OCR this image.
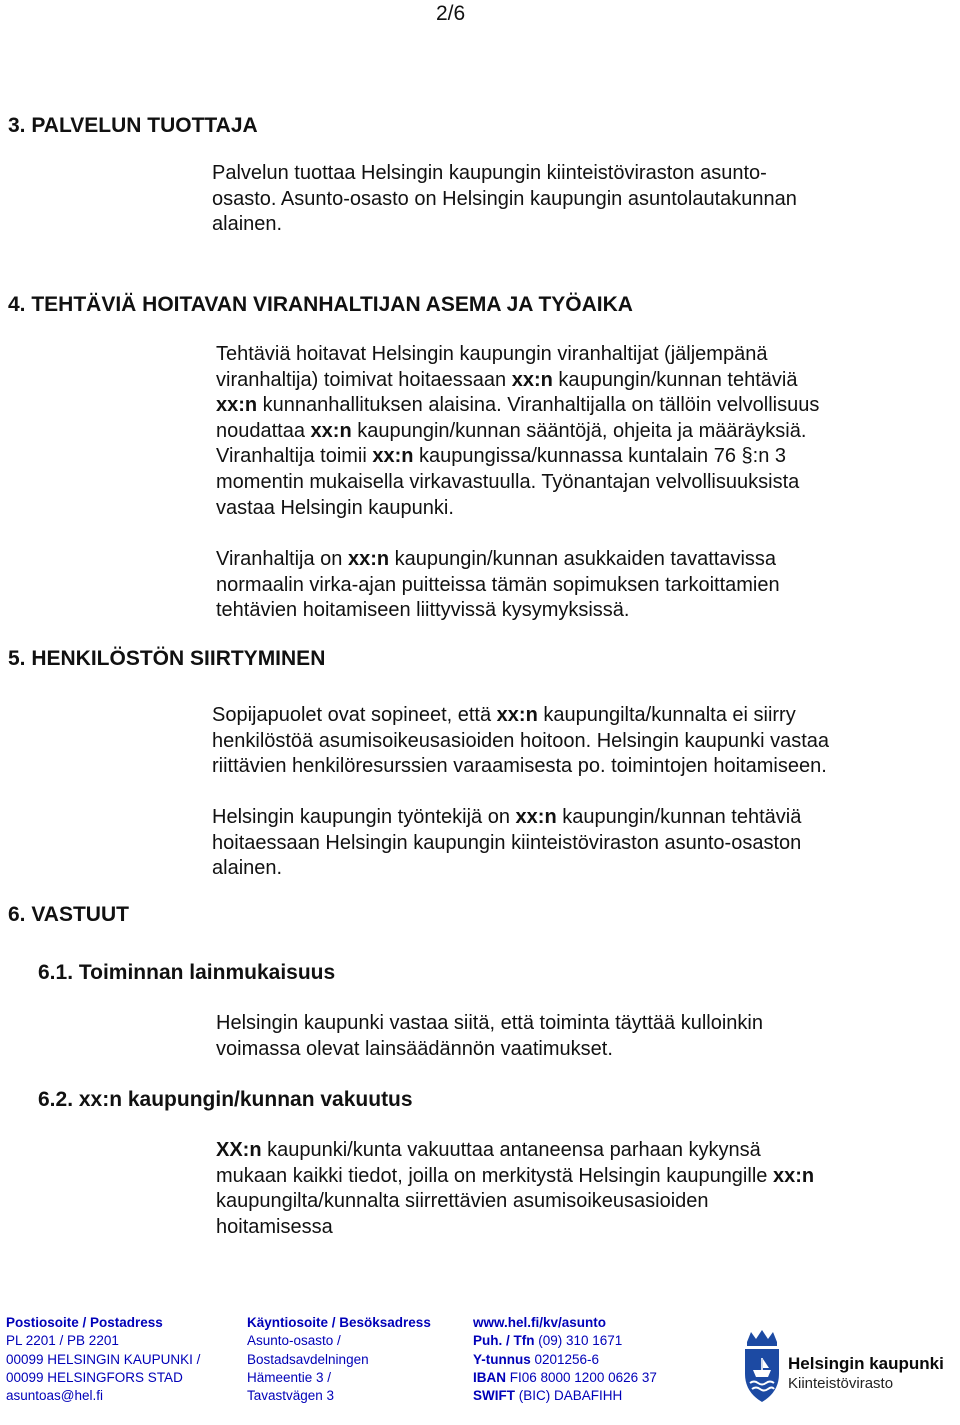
2/6
3. PALVELUN TUOTTAJA
Palvelun tuottaa Helsingin kaupungin kiinteistöviraston asunto-
osasto. Asunto-osasto on Helsingin kaupungin asuntolautakunnan
alainen.
4. TEHTÄVIÄ HOITAVAN VIRANHALTIJAN ASEMA JA TYÖAIKA
Tehtäviä hoitavat Helsingin kaupungin viranhaltijat (jäljempänä
viranhaltija) toimivat hoitaessaan xx:n kaupungin/kunnan tehtäviä
xx:n kunnanhallituksen alaisina. Viranhaltijalla on tällöin velvollisuus
noudattaa xx:n kaupungin/kunnan sääntöjä, ohjeita ja määräyksiä.
Viranhaltija toimii xx:n kaupungissa/kunnassa kuntalain 76 §:n 3
momentin mukaisella virkavastuulla. Työnantajan velvollisuuksista
vastaa Helsingin kaupunki.
Viranhaltija on xx:n kaupungin/kunnan asukkaiden tavattavissa
normaalin virka-ajan puitteissa tämän sopimuksen tarkoittamien
tehtävien hoitamiseen liittyvissä kysymyksissä.
5. HENKILÖSTÖN SIIRTYMINEN
Sopijapuolet ovat sopineet, että xx:n kaupungilta/kunnalta ei siirry
henkilöstöä asumisoikeusasioiden hoitoon. Helsingin kaupunki vastaa
riittävien henkilöresurssien varaamisesta po. toimintojen hoitamiseen.
Helsingin kaupungin työntekijä on xx:n kaupungin/kunnan tehtäviä
hoitaessaan Helsingin kaupungin kiinteistöviraston asunto-osaston
alainen.
6. VASTUUT
6.1. Toiminnan lainmukaisuus
Helsingin kaupunki vastaa siitä, että toiminta täyttää kulloinkin
voimassa olevat lainsäädännön vaatimukset.
6.2. xx:n kaupungin/kunnan vakuutus
XX:n kaupunki/kunta vakuuttaa antaneensa parhaan kykynsä
mukaan kaikki tiedot, joilla on merkitystä Helsingin kaupungille xx:n
kaupungilta/kunnalta siirrettävien asumisoikeusasioiden
hoitamisessa
Postiosoite / Postadress
PL 2201 / PB 2201
00099 HELSINGIN KAUPUNKI /
00099 HELSINGFORS STAD
asuntoas@hel.fi
Käyntiosoite / Besöksadress
Asunto-osasto /
Bostadsavdelningen
Hämeentie 3 /
Tavastvägen 3
www.hel.fi/kv/asunto
Puh. / Tfn (09) 310 1671
Y-tunnus 0201256-6
IBAN FI06 8000 1200 0626 37
SWIFT (BIC) DABAFIHH
Helsingin kaupunki
Kiinteistövirasto
